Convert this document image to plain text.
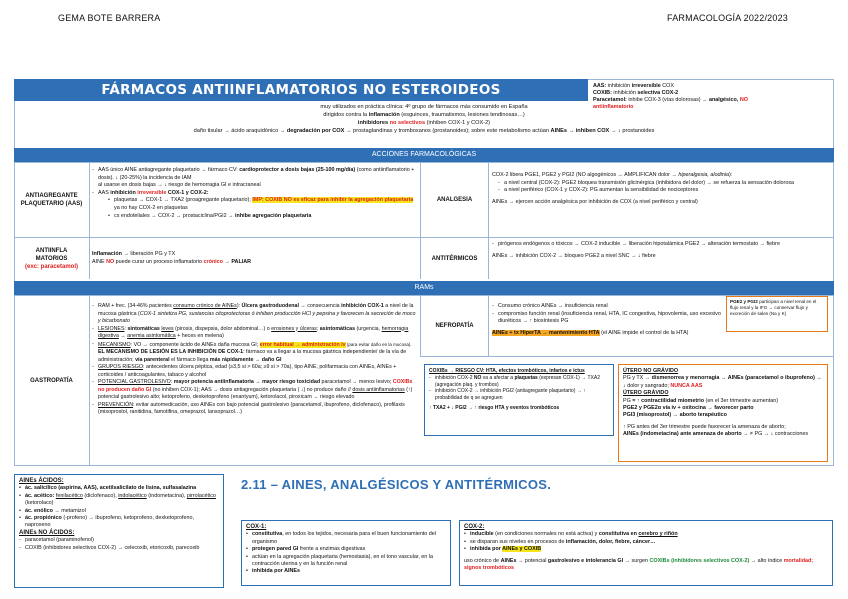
GEMA BOTE BARRERA	FARMACOLOGÍA 2022/2023
FÁRMACOS ANTIINFLAMATORIOS NO ESTEROIDEOS	AAS: inhibición irreversible COX
COXIB: inhibición selectiva COX-2
Paracetamol: inhibe COX-3 (vías dolorosas) → analgésico, NO
antiinflamatorio
muy utilizados en práctica clínica: 4º grupo de fármacos más consumido en España
dirigidos contra la inflamación (esguinces, traumatismos, lesiones tendinosas…)
inhibidores no selectivos (inhiben COX-1 y COX-2)
daño tisular → ácido araquidónico → degradación por COX → prostaglandinas y tromboxanos (prostanoides); sobre este metabolismo actúan AINEs → inhiben COX → ↓ prostanoides
ACCIONES FARMACOLÓGICAS
ANTIAGREGANTE PLAQUETARIO (AAS)
- AAS único AINE antiagregante plaquetario → fármaco CV: cardioprotector a dosis bajas (25-100 mg/día) (como antiinflamatorio + dosis). ↓ (20-25%) la incidencia de IAM
al usarse en dosis bajas → ↓ riesgo de hemorragia GI e intracraneal
- AAS inhibición irreversible COX-1 y COX-2:
• plaquetas → COX-1 → TXA2 (proagregante plaquetario); IMP: COXIB NO es eficaz para inhibir la agregación plaquetaria ya no hay COX-2 en plaquetas
• cs endoteliales → COX-2 → prostaciclina/PGI2 → inhibe agregación plaquetaria
ANTIINFLA
MATORIOS
(exc: paracetamol)
Inflamación → liberación PG y TX
AINE NO puede curar un proceso inflamatorio crónico → PALIAR
ANALGESIA
COX-2 libera PGE1, PGE2 y PGI2 (NO algogénicos → AMPLIFICAN dolor → hiperalgesia, alodinia):
- a nivel central (COX-2): PGE2 bloquea transmisión glicinérgica (inhibidora del dolor) → se refuerza la sensación dolorosa
- a nivel periférico (COX-1 y COX-2): PG aumentan la sensibilidad de nociceptores
AINEs → ejercen acción analgésica por inhibición de COX (a nivel periférico y central)
ANTITÉRMICOS
- pirógenos endógenos o tóxicos → COX-2 inducible → liberación hipotalámica PGE2 → alteración termostato → fiebre
AINEs → inhibición COX-2 → bloqueo PGE2 a nivel SNC → ↓ fiebre
RAMs
GASTROPATÍA
- RAM + frec. (34-46% pacientes consumo crónico de AINEs): Úlcera gastroduodenal → consecuencia inhibición COX-1 a nivel de la mucosa gástrica (COX-1 sintetiza PG, sustancias citoprotectoras ó inhiben producción HCl y pepsina y favorecen la secreción de moco y bicarbonato
- LESIONES: sintomáticas leves (pirosis, dispepsia, dolor abdominal…) o erosiones y úlceras; asintomáticas (urgencia, hemorragia digestiva → anemia asintomática + heces en melena)
- MECANISMO: VO → componente ácido de AINEs daña mucosa GI; error habitual → administración iv (para evitar daño en la mucosa). EL MECANISMO DE LESIÓN ES LA INHIBICIÓN DE COX-1: fármaco va a llegar a la mucosa gástrica independiente/ de la vía de administración; vía parenteral el fármaco llega más rápidamente → daño GI
- GRUPOS RIESGO: antecedentes úlcera péptica, edad (≥3,5 si > 60a; ≥9 si > 70a), tipo AINE, polifarmacia con AINEs, AINEs + corticoides / anticoagulantes, tabaco y alcohol
- POTENCIAL GASTROLESIVO: mayor potencia antiinflamatoria → mayor riesgo toxicidad paracetamol → menos lesivo; COXIBs no producen daño GI (no inhiben COX-1); AAS → dosis antiagregación plaquetaria ( ↓) no produce daño // dosis antiinflamatorias (↑) potencial gastrolesivo alto; ketoprofeno, dexketoprofeno (enantyum), ketorolacol, piroxicam → riesgo elevado
- PREVENCIÓN: evitar automedicación, uso AINEs con bajo potencial gastrolesivo (paracetamol, ibuprofeno, diclofenaco), profilaxis (misoprostol, ranitidina, famotifina, omeprazol, lansoprazol…)
NEFROPATÍA
- Consumo crónico AINEs → insuficiencia renal
- compromiso función renal (insuficiencia renal, HTA, IC congestiva, hipovolemia, uso excesivo diuréticos → ↑ biosíntesis PG
AINEs + tx HiperTA → mantenimiento HTA (el AINE impide el control de la HTA)
PGE2 y PGI2 participan a nivel renal en el flujo renal y la IFG → conservar flujo y excreción de sales (Na y K)
COXIBs → RIESGO CV: HTA, efectos trombóticos, infartos e ictus
- inhibición COX-2 NO va a afectar a plaquetas (expresan COX-1) → TXA2 (agregación plaq. y trombos)
- inhibición COX-2 → inhibición PGI2 (antiagregante plaquetario) → ↑ probabilidad de q se agreguen
↑ TXA2 + ↓ PGI2 → ↑ riesgo HTA y eventos trombóticos
ÚTERO NO GRÁVIDO
PG y TX → dismenorrea y menorragia → AINEs (paracetamol o ibuprofeno) → ↓ dolor y sangrado; NUNCA AAS
ÚTERO GRÁVIDO
PG = ↑ contractilidad miometrio (en el 3er trimestre aumentan)
PGE2 y PGE2α vía iv + oxitocina → favorecer parto
PGI3 (misoprostol) → aborto terapéutico
↑ PG antes del 3er trimestre puede favorecer la amenaza de aborto;
AINEs (indometacina) ante amenaza de aborto → ≠ PG → ↓ contracciones
2.11 – AINES, ANALGÉSICOS Y ANTITÉRMICOS.
AINEs ÁCIDOS:
• ác. salicílico (aspirina, AAS), acetilsalicilato de lisina, sulfasalazina
• ác. acético: fenilacético (diclofenaco), indolacético (indometacina), pirrolacético (ketorolaco)
• ác. enólico → metamizol
• ác. propiónico (-profeno) → ibuprofeno, ketoprofeno, dexketoprofeno, naproxeno
AINEs NO ÁCIDOS:
- paracetamol (paraminofenol)
- COXIB (inhibidores selectivos COX-2) → celecoxib, etoricoxib, parecoxib
COX-1:
• constitutiva, en todos los tejidos, necesaria para el buen funcionamiento del organismo
• protegen pared GI frente a enzimas digestivas
• actúan en la agregación plaquetaria (hemostasia), en el tono vascular, en la contracción uterina y en la función renal
• inhibida por AINEs
COX-2:
• inducible (en condiciones normales no está activa) y constitutiva en cerebro y riñón
• se disparan sus niveles en procesos de inflamación, dolor, fiebre, cáncer…
• inhibida por AINEs y COXIB
uso crónico de AINEs → potencial gastrolesivo e intolerancia GI → surgen COXIBs (inhibidores selectivos COX-2) → alto índice mortalidad; signos trombóticos
